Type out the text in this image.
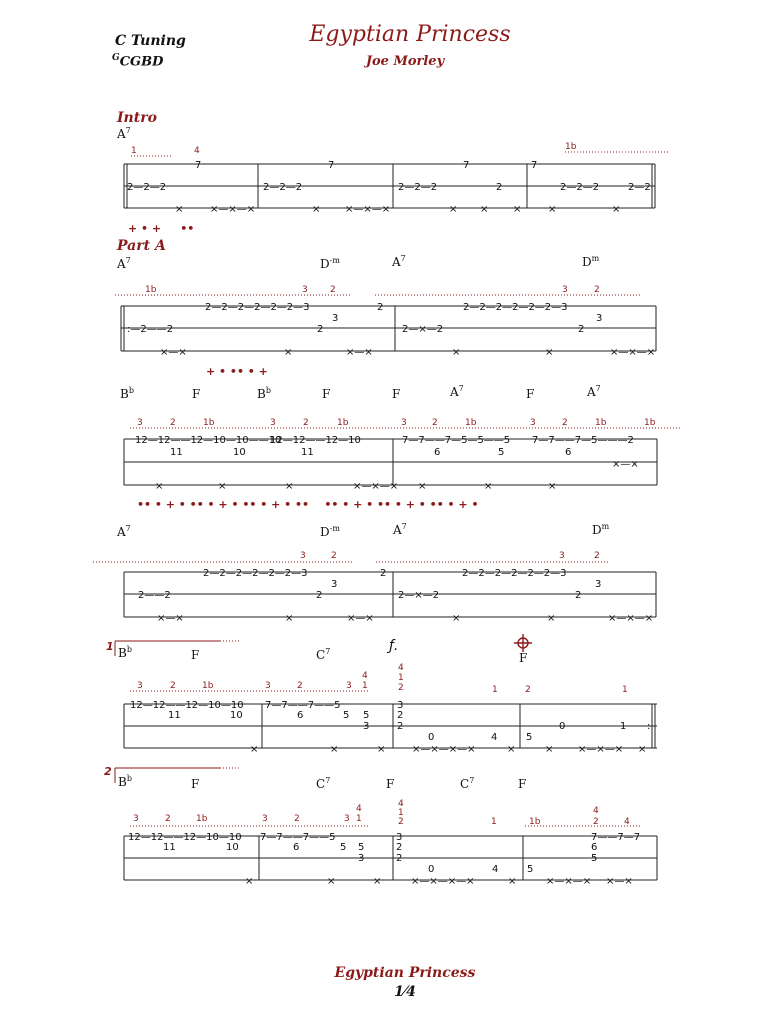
C Tuning
$^G$CGBD
Egyptian Princess
Joe Morley
Intro
Part A
Egyptian Princess
1⁄4
$A^7$
1	4	1b
2—2—2
7
2—2—2
7
2—2—2
7
2
7
2—2—2	2—2
×	×—×—×	× ×—×—×	× × ×	×	×
+ • +     ••
$A^7$	$D^{-m}$	$A^7$	$D^m$
1b	3 2	3	2
:—2——2
2—2—2—2—2—2—3
2
3
2
2—×—2
2—2—2—2—2—2—3
2
3
×—×	×	×—×	×	×	×—×—×
+ • •• • +
$B^b$	F	$B^b$	F	F	$A^7$	F	$A^7$
3	2	1b	3	2	1b	3	2	1b	3	2	1b	1b
12—12——12—10—10——10
11	10
12—12——12—10
11
×—×—×
7—7——7—5—5——5
6	5
7—7——7—5———2
6
×—×
×	×	×	×	×	×
•• • + • •• • + • •• • + • ••    •• • + • •• • + • •• • + •
$A^7$	$D^{-m}$	$A^7$	$D^m$
3	2	3	2
2——2
2—2—2—2—2—2—3
2
3
2
2—×—2
2—2—2—2—2—2—3
2
3
×—×	×	×—×	×	×	×—×—×
1 $B^b$	F	$C^7$	ƒ.
F
4
1
2
3	2	1b	3	2	3
4
1	1	2	1
12—12——12—10—10
11	10
7—7——7——5
6	5 5
3
3
2
2
0	4	5
0	1 :
×	×	×	×—×—×—×	×	× ×—×—× ×
2
$B^b$	F	$C^7$	F	$C^7$	F
4
1
2
3	2	1b	3	2	3
4
1	1	1b
4
2	4
12—12——12—10—10
11	10
7—7——7——5
6	5 5
3
3
2
2
0	4	5
7——7—7
6
5
×	×	×	×—×—×—×	×	×—×—× ×—×
